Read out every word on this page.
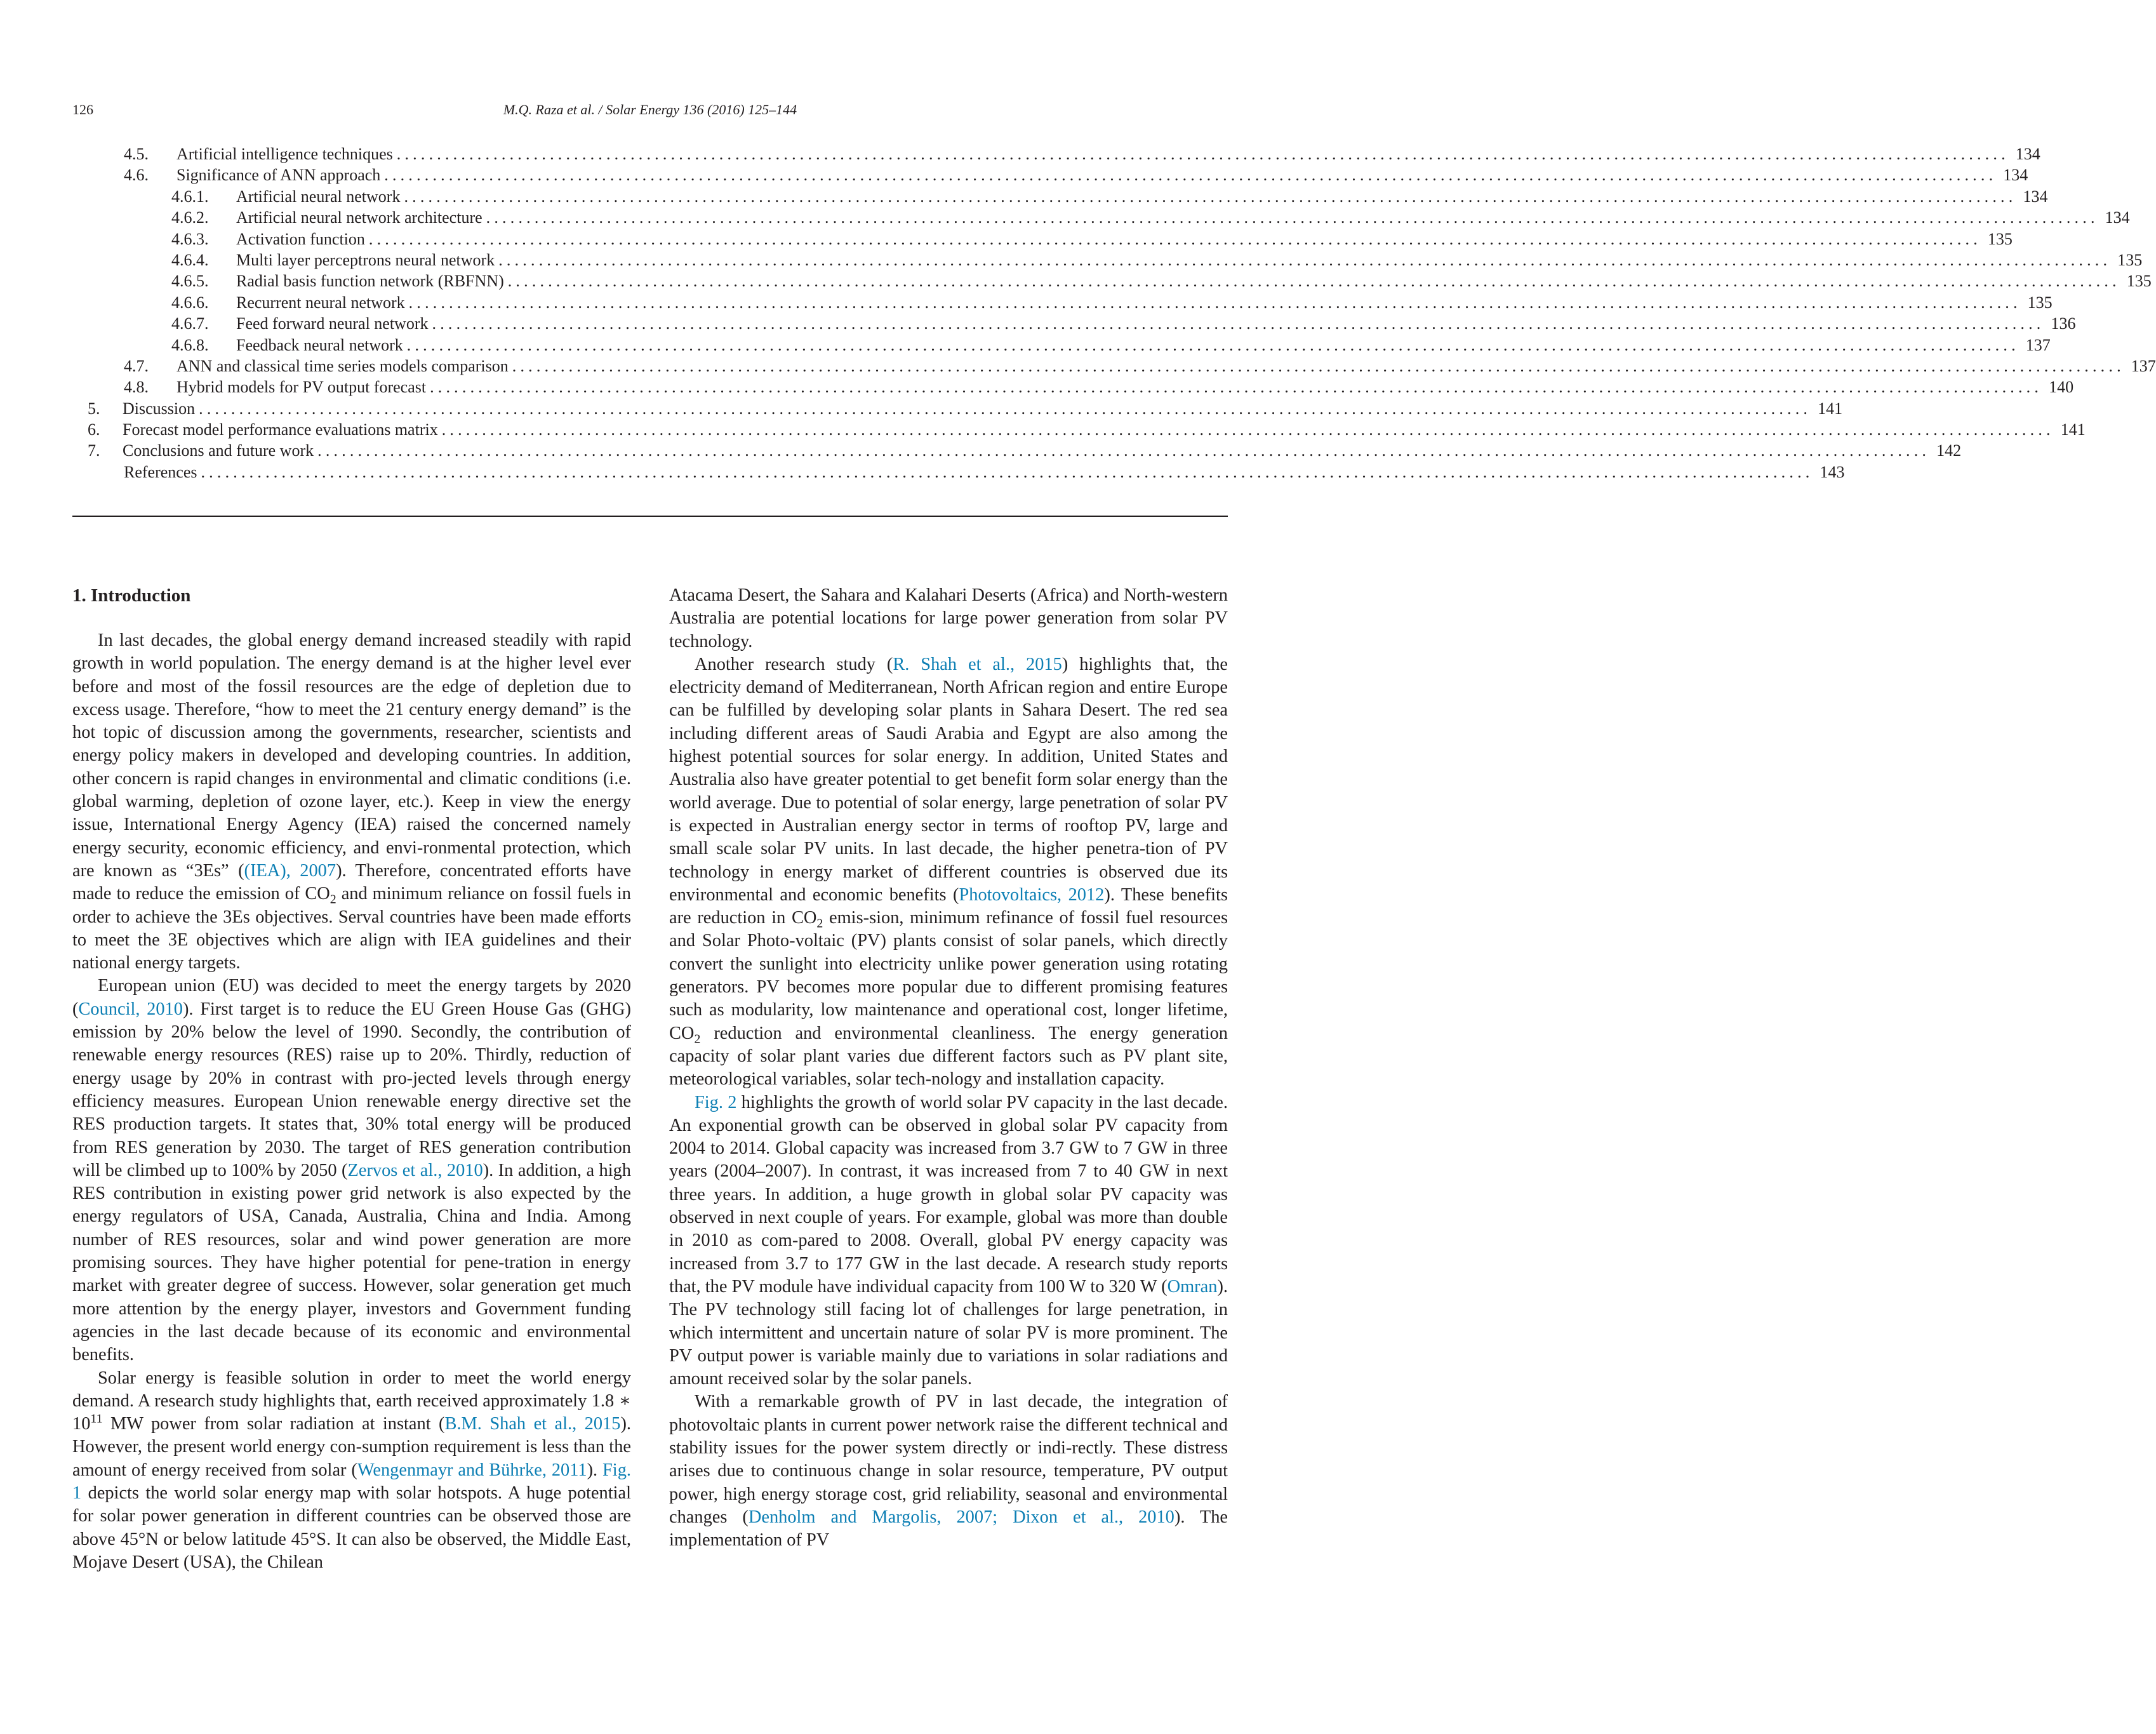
126	M.Q. Raza et al. / Solar Energy 136 (2016) 125–144
4.5. Artificial intelligence techniques ........................................................................................................................................................................................................ 134
4.6. Significance of ANN approach ........................................................................................................................................................................................................ 134
4.6.1. Artificial neural network ........................................................................................................................................................................................................ 134
4.6.2. Artificial neural network architecture ........................................................................................................................................................................................................ 134
4.6.3. Activation function ........................................................................................................................................................................................................ 135
4.6.4. Multi layer perceptrons neural network ........................................................................................................................................................................................................ 135
4.6.5. Radial basis function network (RBFNN) ........................................................................................................................................................................................................ 135
4.6.6. Recurrent neural network ........................................................................................................................................................................................................ 135
4.6.7. Feed forward neural network ........................................................................................................................................................................................................ 136
4.6.8. Feedback neural network ........................................................................................................................................................................................................ 137
4.7. ANN and classical time series models comparison ........................................................................................................................................................................................................ 137
4.8. Hybrid models for PV output forecast ........................................................................................................................................................................................................ 140
5. Discussion ........................................................................................................................................................................................................ 141
6. Forecast model performance evaluations matrix ........................................................................................................................................................................................................ 141
7. Conclusions and future work ........................................................................................................................................................................................................ 142
References ........................................................................................................................................................................................................ 143
1. Introduction

In last decades, the global energy demand increased steadily with rapid growth in world population. The energy demand is at the higher level ever before and most of the fossil resources are the edge of depletion due to excess usage. Therefore, “how to meet the 21 century energy demand” is the hot topic of discussion among the governments, researcher, scientists and energy policy makers in developed and developing countries. In addition, other concern is rapid changes in environmental and climatic conditions (i.e. global warming, depletion of ozone layer, etc.). Keep in view the energy issue, International Energy Agency (IEA) raised the concerned namely energy security, economic efficiency, and envi-ronmental protection, which are known as “3Es” ((IEA), 2007). Therefore, concentrated efforts have made to reduce the emission of $CO_2$ and minimum reliance on fossil fuels in order to achieve the 3Es objectives. Serval countries have been made efforts to meet the 3E objectives which are align with IEA guidelines and their national energy targets.

European union (EU) was decided to meet the energy targets by 2020 (Council, 2010). First target is to reduce the EU Green House Gas (GHG) emission by 20% below the level of 1990. Secondly, the contribution of renewable energy resources (RES) raise up to 20%. Thirdly, reduction of energy usage by 20% in contrast with pro-jected levels through energy efficiency measures. European Union renewable energy directive set the RES production targets. It states that, 30% total energy will be produced from RES generation by 2030. The target of RES generation contribution will be climbed up to 100% by 2050 (Zervos et al., 2010). In addition, a high RES contribution in existing power grid network is also expected by the energy regulators of USA, Canada, Australia, China and India. Among number of RES resources, solar and wind power generation are more promising sources. They have higher potential for pene-tration in energy market with greater degree of success. However, solar generation get much more attention by the energy player, investors and Government funding agencies in the last decade because of its economic and environmental benefits.

Solar energy is feasible solution in order to meet the world energy demand. A research study highlights that, earth received approximately 1.8 ∗ $10^{11}$ MW power from solar radiation at instant (B.M. Shah et al., 2015). However, the present world energy con-sumption requirement is less than the amount of energy received from solar (Wengenmayr and Bührke, 2011). Fig. 1 depicts the world solar energy map with solar hotspots. A huge potential for solar power generation in different countries can be observed those are above 45°N or below latitude 45°S. It can also be observed, the Middle East, Mojave Desert (USA), the Chilean

Atacama Desert, the Sahara and Kalahari Deserts (Africa) and North-western Australia are potential locations for large power generation from solar PV technology.

Another research study (R. Shah et al., 2015) highlights that, the electricity demand of Mediterranean, North African region and entire Europe can be fulfilled by developing solar plants in Sahara Desert. The red sea including different areas of Saudi Arabia and Egypt are also among the highest potential sources for solar energy. In addition, United States and Australia also have greater potential to get benefit form solar energy than the world average. Due to potential of solar energy, large penetration of solar PV is expected in Australian energy sector in terms of rooftop PV, large and small scale solar PV units. In last decade, the higher penetra-tion of PV technology in energy market of different countries is observed due its environmental and economic benefits (Photovoltaics, 2012). These benefits are reduction in $CO_2$ emis-sion, minimum refinance of fossil fuel resources and Solar Photo-voltaic (PV) plants consist of solar panels, which directly convert the sunlight into electricity unlike power generation using rotating generators. PV becomes more popular due to different promising features such as modularity, low maintenance and operational cost, longer lifetime, $CO_2$ reduction and environmental cleanliness. The energy generation capacity of solar plant varies due different factors such as PV plant site, meteorological variables, solar tech-nology and installation capacity.

Fig. 2 highlights the growth of world solar PV capacity in the last decade. An exponential growth can be observed in global solar PV capacity from 2004 to 2014. Global capacity was increased from 3.7 GW to 7 GW in three years (2004–2007). In contrast, it was increased from 7 to 40 GW in next three years. In addition, a huge growth in global solar PV capacity was observed in next couple of years. For example, global was more than double in 2010 as com-pared to 2008. Overall, global PV energy capacity was increased from 3.7 to 177 GW in the last decade. A research study reports that, the PV module have individual capacity from 100 W to 320 W (Omran). The PV technology still facing lot of challenges for large penetration, in which intermittent and uncertain nature of solar PV is more prominent. The PV output power is variable mainly due to variations in solar radiations and amount received solar by the solar panels.

With a remarkable growth of PV in last decade, the integration of photovoltaic plants in current power network raise the different technical and stability issues for the power system directly or indi-rectly. These distress arises due to continuous change in solar resource, temperature, PV output power, high energy storage cost, grid reliability, seasonal and environmental changes (Denholm and Margolis, 2007; Dixon et al., 2010). The implementation of PV
